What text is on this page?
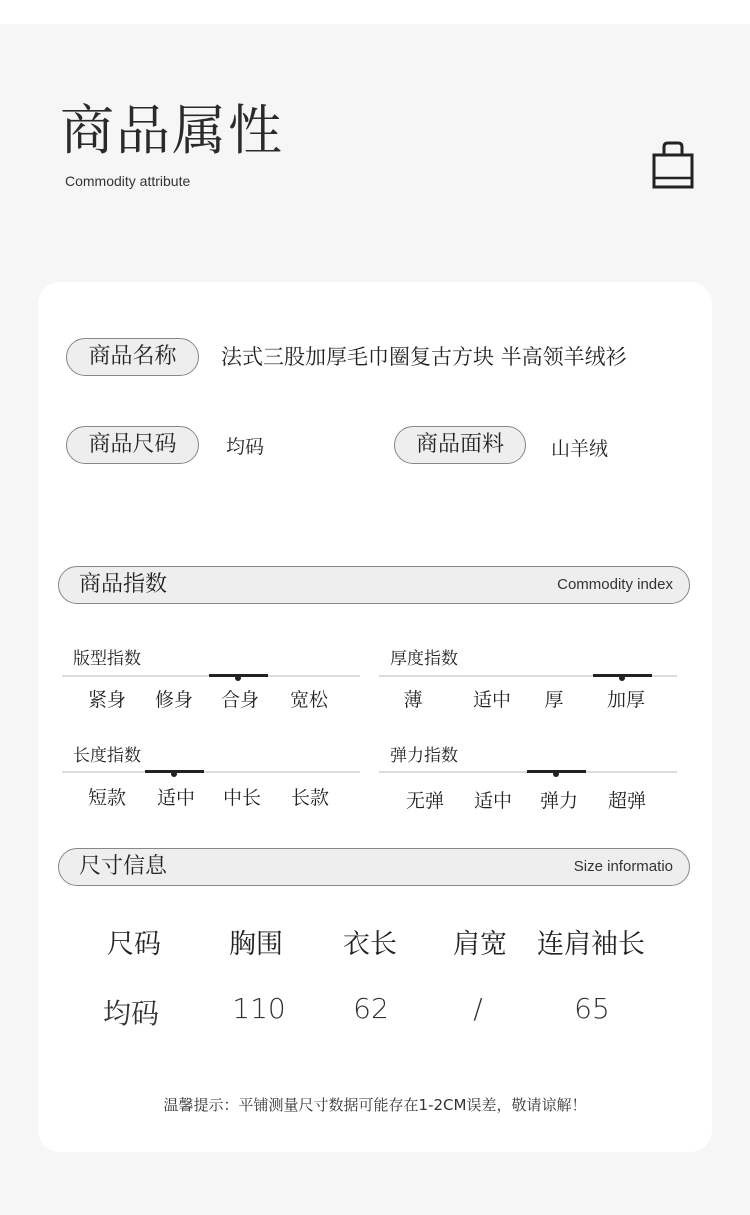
商品属性
Commodity attribute
商品名称	法式三股加厚毛巾圈复古方块 半高领羊绒衫
商品尺码	均码	商品面料	山羊绒
商品指数	Commodity index
版型指数
紧身	修身	合身	宽松
厚度指数
薄	适中	厚	加厚
长度指数
短款	适中	中长	长款
弹力指数
无弹	适中	弹力	超弹
尺寸信息	Size informatio
尺码	胸围	衣长	肩宽	连肩袖长
均码	110	62	/	65
温馨提示：平铺测量尺寸数据可能存在1-2CM误差，敬请谅解！
